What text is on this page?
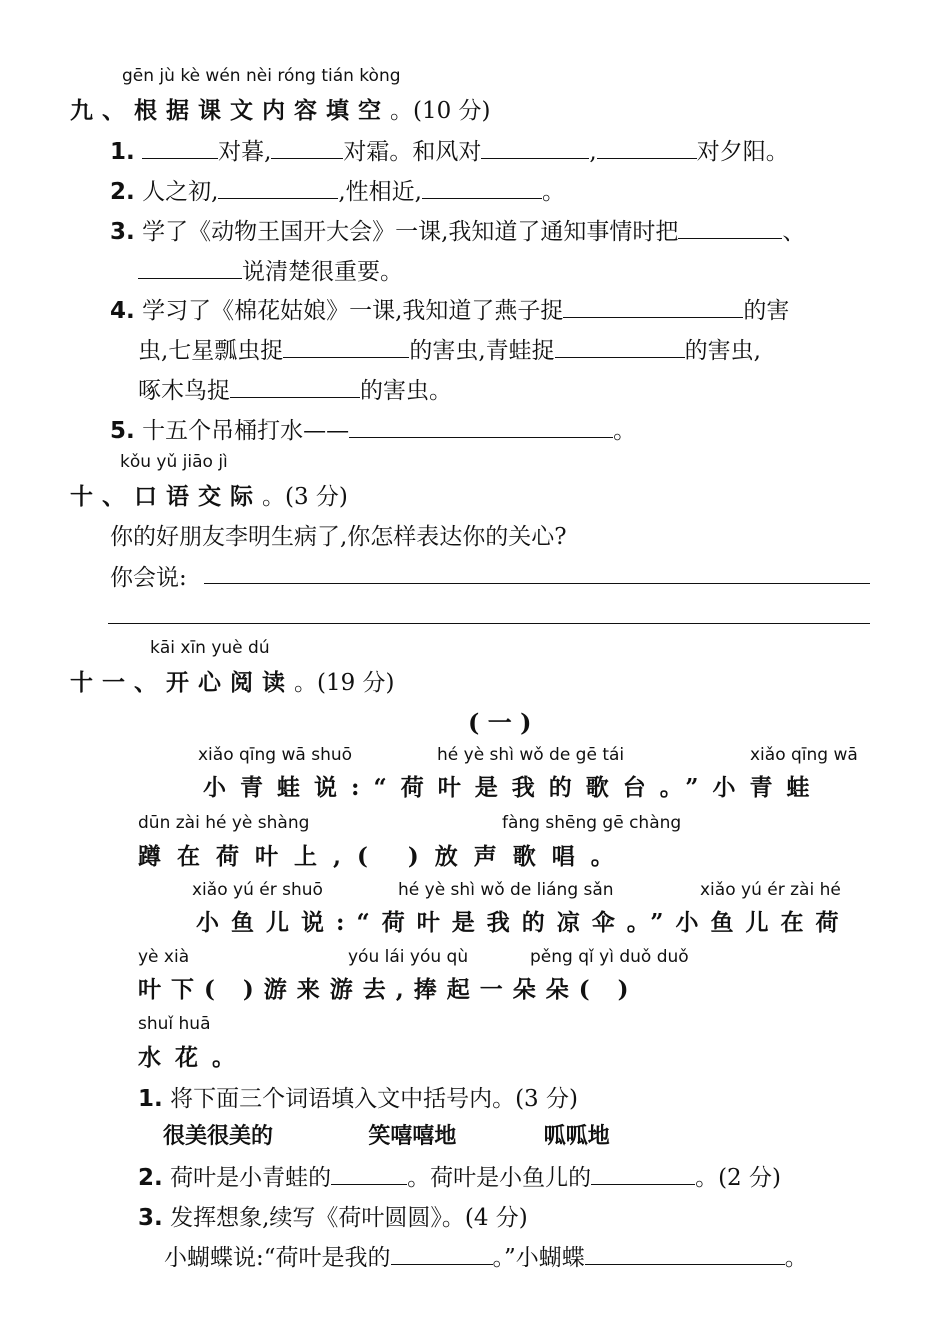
gēn jù kè wén nèi róng tián kòng
九、根据课文内容填空。(10 分)
1.	对暮,	对霜。和风对	,	对夕阳。
2. 人之初,	,性相近,	。
3. 学了《动物王国开大会》一课,我知道了通知事情时把	、
说清楚很重要。
4. 学习了《棉花姑娘》一课,我知道了燕子捉	的害
虫,七星瓢虫捉	的害虫,青蛙捉	的害虫,
啄木鸟捉	的害虫。
5. 十五个吊桶打水——	。
kǒu yǔ jiāo jì
十、口语交际。(3 分)
你的好朋友李明生病了,你怎样表达你的关心?
你会说:
kāi xīn yuè dú
十一、开心阅读。(19 分)
( 一 )
xiǎo qīng wā shuō	hé yè shì wǒ de gē tái	xiǎo qīng wā
小青蛙说:“荷叶是我的歌台。”小青蛙
dūn zài hé yè shàng	fàng shēng gē chàng
蹲在荷叶上,( )放声歌唱。
xiǎo yú ér shuō	hé yè shì wǒ de liáng sǎn	xiǎo yú ér zài hé
小鱼儿说:“荷叶是我的凉伞。”小鱼儿在荷
yè xià	yóu lái yóu qù	pěng qǐ yì duǒ duǒ
叶下( )游来游去,捧起一朵朵( )
shuǐ huā
水花。
1. 将下面三个词语填入文中括号内。(3 分)
很美很美的	笑嘻嘻地	呱呱地
2. 荷叶是小青蛙的	。荷叶是小鱼儿的	。(2 分)
3. 发挥想象,续写《荷叶圆圆》。(4 分)
小蝴蝶说:“荷叶是我的	。”小蝴蝶	。
